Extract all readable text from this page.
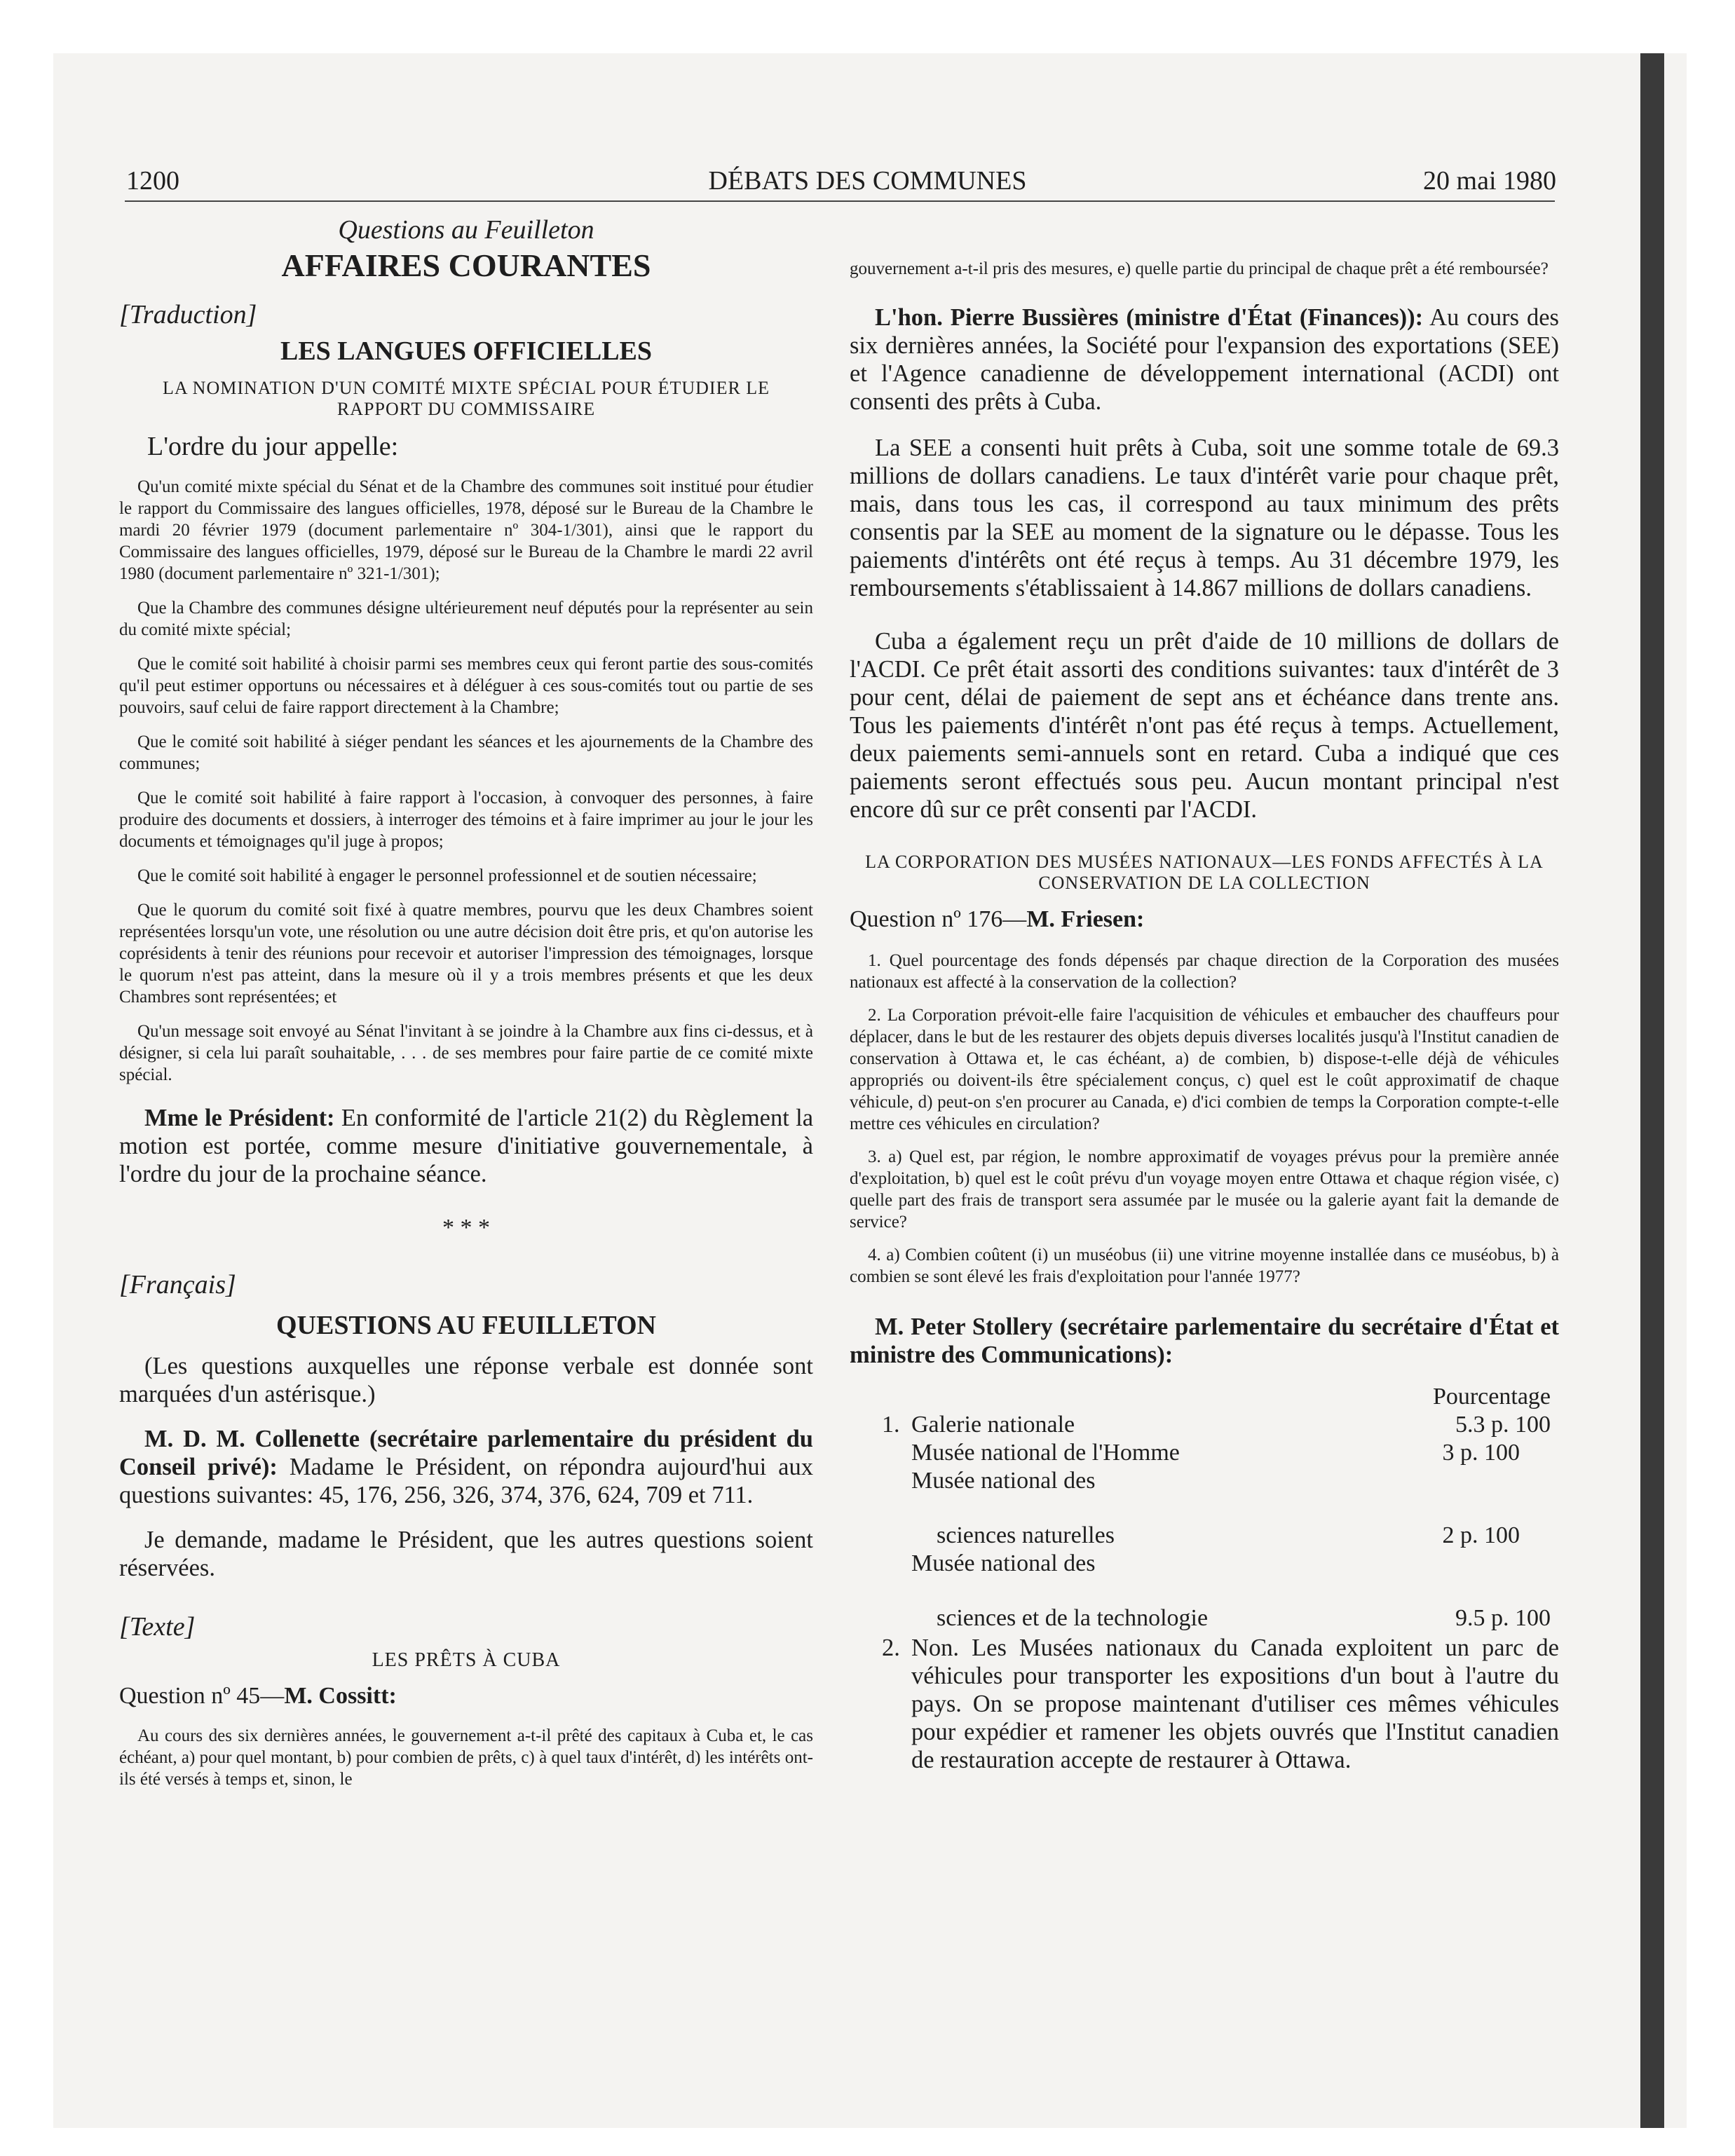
1200	DÉBATS DES COMMUNES	20 mai 1980

Questions au Feuilleton

AFFAIRES COURANTES

[Traduction]

LES LANGUES OFFICIELLES

LA NOMINATION D'UN COMITÉ MIXTE SPÉCIAL POUR ÉTUDIER LE RAPPORT DU COMMISSAIRE

L'ordre du jour appelle:

Qu'un comité mixte spécial du Sénat et de la Chambre des communes soit institué pour étudier le rapport du Commissaire des langues officielles, 1978, déposé sur le Bureau de la Chambre le mardi 20 février 1979 (document parlementaire nº 304-1/301), ainsi que le rapport du Commissaire des langues officielles, 1979, déposé sur le Bureau de la Chambre le mardi 22 avril 1980 (document parlementaire nº 321-1/301);

Que la Chambre des communes désigne ultérieurement neuf députés pour la représenter au sein du comité mixte spécial;

Que le comité soit habilité à choisir parmi ses membres ceux qui feront partie des sous-comités qu'il peut estimer opportuns ou nécessaires et à déléguer à ces sous-comités tout ou partie de ses pouvoirs, sauf celui de faire rapport directement à la Chambre;

Que le comité soit habilité à siéger pendant les séances et les ajournements de la Chambre des communes;

Que le comité soit habilité à faire rapport à l'occasion, à convoquer des personnes, à faire produire des documents et dossiers, à interroger des témoins et à faire imprimer au jour le jour les documents et témoignages qu'il juge à propos;

Que le comité soit habilité à engager le personnel professionnel et de soutien nécessaire;

Que le quorum du comité soit fixé à quatre membres, pourvu que les deux Chambres soient représentées lorsqu'un vote, une résolution ou une autre décision doit être pris, et qu'on autorise les coprésidents à tenir des réunions pour recevoir et autoriser l'impression des témoignages, lorsque le quorum n'est pas atteint, dans la mesure où il y a trois membres présents et que les deux Chambres sont représentées; et

Qu'un message soit envoyé au Sénat l'invitant à se joindre à la Chambre aux fins ci-dessus, et à désigner, si cela lui paraît souhaitable, . . . de ses membres pour faire partie de ce comité mixte spécial.

Mme le Président: En conformité de l'article 21(2) du Règlement la motion est portée, comme mesure d'initiative gouvernementale, à l'ordre du jour de la prochaine séance.

* * *

[Français]

QUESTIONS AU FEUILLETON

(Les questions auxquelles une réponse verbale est donnée sont marquées d'un astérisque.)

M. D. M. Collenette (secrétaire parlementaire du président du Conseil privé): Madame le Président, on répondra aujourd'hui aux questions suivantes: 45, 176, 256, 326, 374, 376, 624, 709 et 711.

Je demande, madame le Président, que les autres questions soient réservées.

[Texte]

LES PRÊTS À CUBA

Question nº 45—M. Cossitt:

Au cours des six dernières années, le gouvernement a-t-il prêté des capitaux à Cuba et, le cas échéant, a) pour quel montant, b) pour combien de prêts, c) à quel taux d'intérêt, d) les intérêts ont-ils été versés à temps et, sinon, le

gouvernement a-t-il pris des mesures, e) quelle partie du principal de chaque prêt a été remboursée?

L'hon. Pierre Bussières (ministre d'État (Finances)): Au cours des six dernières années, la Société pour l'expansion des exportations (SEE) et l'Agence canadienne de développement international (ACDI) ont consenti des prêts à Cuba.

La SEE a consenti huit prêts à Cuba, soit une somme totale de 69.3 millions de dollars canadiens. Le taux d'intérêt varie pour chaque prêt, mais, dans tous les cas, il correspond au taux minimum des prêts consentis par la SEE au moment de la signature ou le dépasse. Tous les paiements d'intérêts ont été reçus à temps. Au 31 décembre 1979, les remboursements s'établissaient à 14.867 millions de dollars canadiens.

Cuba a également reçu un prêt d'aide de 10 millions de dollars de l'ACDI. Ce prêt était assorti des conditions suivantes: taux d'intérêt de 3 pour cent, délai de paiement de sept ans et échéance dans trente ans. Tous les paiements d'intérêt n'ont pas été reçus à temps. Actuellement, deux paiements semi-annuels sont en retard. Cuba a indiqué que ces paiements seront effectués sous peu. Aucun montant principal n'est encore dû sur ce prêt consenti par l'ACDI.

LA CORPORATION DES MUSÉES NATIONAUX—LES FONDS AFFECTÉS À LA CONSERVATION DE LA COLLECTION

Question nº 176—M. Friesen:

1. Quel pourcentage des fonds dépensés par chaque direction de la Corporation des musées nationaux est affecté à la conservation de la collection?

2. La Corporation prévoit-elle faire l'acquisition de véhicules et embaucher des chauffeurs pour déplacer, dans le but de les restaurer des objets depuis diverses localités jusqu'à l'Institut canadien de conservation à Ottawa et, le cas échéant, a) de combien, b) dispose-t-elle déjà de véhicules appropriés ou doivent-ils être spécialement conçus, c) quel est le coût approximatif de chaque véhicule, d) peut-on s'en procurer au Canada, e) d'ici combien de temps la Corporation compte-t-elle mettre ces véhicules en circulation?

3. a) Quel est, par région, le nombre approximatif de voyages prévus pour la première année d'exploitation, b) quel est le coût prévu d'un voyage moyen entre Ottawa et chaque région visée, c) quelle part des frais de transport sera assumée par le musée ou la galerie ayant fait la demande de service?

4. a) Combien coûtent (i) un muséobus (ii) une vitrine moyenne installée dans ce muséobus, b) à combien se sont élevé les frais d'exploitation pour l'année 1977?

M. Peter Stollery (secrétaire parlementaire du secrétaire d'État et ministre des Communications):

Pourcentage
1. Galerie nationale	5.3 p. 100
Musée national de l'Homme	3 p. 100
Musée national des
sciences naturelles	2 p. 100
Musée national des
sciences et de la technologie	9.5 p. 100
2. Non. Les Musées nationaux du Canada exploitent un parc de véhicules pour transporter les expositions d'un bout à l'autre du pays. On se propose maintenant d'utiliser ces mêmes véhicules pour expédier et ramener les objets ouvrés que l'Institut canadien de restauration accepte de restaurer à Ottawa.
